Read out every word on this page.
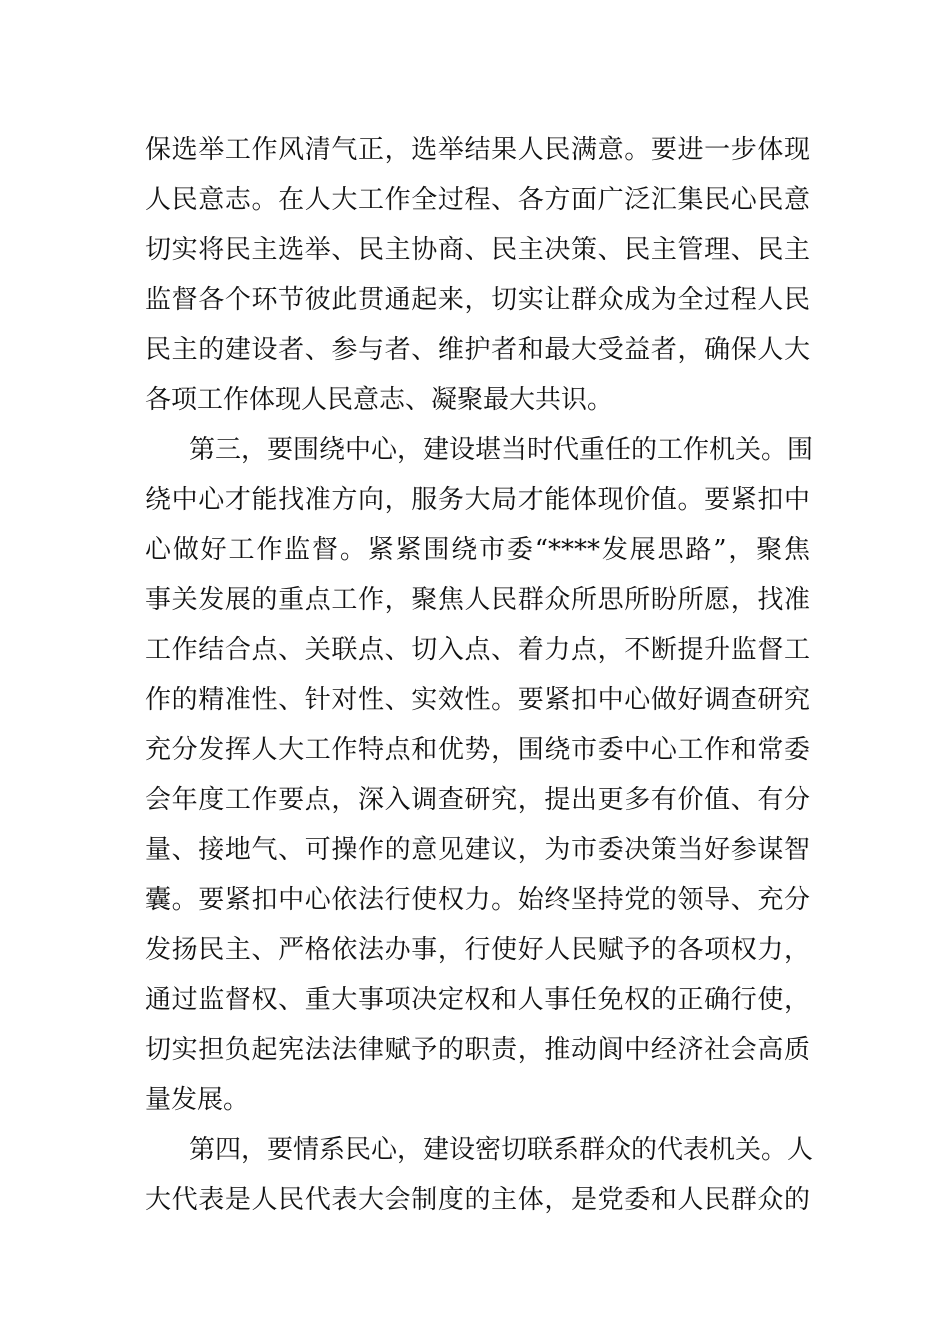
保选举工作风清气正，选举结果人民满意。要进一步体现
人民意志。在人大工作全过程、各方面广泛汇集民心民意
切实将民主选举、民主协商、民主决策、民主管理、民主
监督各个环节彼此贯通起来，切实让群众成为全过程人民
民主的建设者、参与者、维护者和最大受益者，确保人大
各项工作体现人民意志、凝聚最大共识。
第三，要围绕中心，建设堪当时代重任的工作机关。围
绕中心才能找准方向，服务大局才能体现价值。要紧扣中
心做好工作监督。紧紧围绕市委“****发展思路”，聚焦
事关发展的重点工作，聚焦人民群众所思所盼所愿，找准
工作结合点、关联点、切入点、着力点，不断提升监督工
作的精准性、针对性、实效性。要紧扣中心做好调查研究
充分发挥人大工作特点和优势，围绕市委中心工作和常委
会年度工作要点，深入调查研究，提出更多有价值、有分
量、接地气、可操作的意见建议，为市委决策当好参谋智
囊。要紧扣中心依法行使权力。始终坚持党的领导、充分
发扬民主、严格依法办事，行使好人民赋予的各项权力，
通过监督权、重大事项决定权和人事任免权的正确行使，
切实担负起宪法法律赋予的职责，推动阆中经济社会高质
量发展。
第四，要情系民心，建设密切联系群众的代表机关。人
大代表是人民代表大会制度的主体，是党委和人民群众的
